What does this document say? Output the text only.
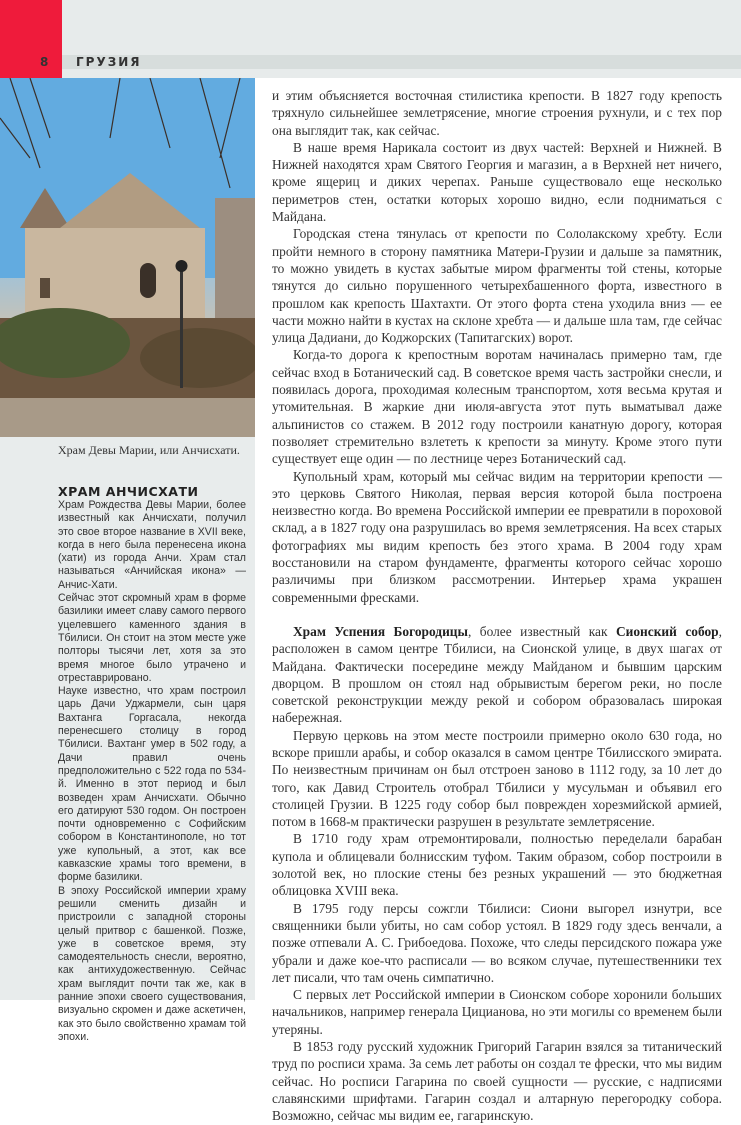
8 ГРУЗИЯ
Храм Девы Марии, или Анчисхати.
ХРАМ АНЧИСХАТИ

Храм Рождества Девы Марии, более известный как Анчисхати, получил это свое второе название в XVII веке, когда в него была перенесена икона (хати) из города Анчи. Храм стал называться «Анчийская икона» — Анчис-Хати.

Сейчас этот скромный храм в форме базилики имеет славу самого первого уцелевшего каменного здания в Тбилиси. Он стоит на этом месте уже полторы тысячи лет, хотя за это время многое было утрачено и отреставрировано.

Науке известно, что храм построил царь Дачи Уджармели, сын царя Вахтанга Горгасала, некогда перенесшего столицу в город Тбилиси. Вахтанг умер в 502 году, а Дачи правил очень предположительно с 522 года по 534-й. Именно в этот период и был возведен храм Анчисхати. Обычно его датируют 530 годом. Он построен почти одновременно с Софийским собором в Константинополе, но тот уже купольный, а этот, как все кавказские храмы того времени, в форме базилики.

В эпоху Российской империи храму решили сменить дизайн и пристроили с западной стороны целый притвор с башенкой. Позже, уже в советское время, эту самодеятельность снесли, вероятно, как антихудожественную. Сейчас храм выглядит почти так же, как в ранние эпохи своего существования, визуально скромен и даже аскетичен, как это было свойственно храмам той эпохи.

и этим объясняется восточная стилистика крепости. В 1827 году крепость тряхнуло сильнейшее землетрясение, многие строения рухнули, и с тех пор она выглядит так, как сейчас.

В наше время Нарикала состоит из двух частей: Верхней и Нижней. В Нижней находятся храм Святого Георгия и магазин, а в Верхней нет ничего, кроме ящериц и диких черепах. Раньше существовало еще несколько периметров стен, остатки которых хорошо видно, если подниматься с Майдана.

Городская стена тянулась от крепости по Сололакскому хребту. Если пройти немного в сторону памятника Матери-Грузии и дальше за памятник, то можно увидеть в кустах забытые миром фрагменты той стены, которые тянутся до сильно порушенного четырехбашенного форта, известного в прошлом как крепость Шахтахти. От этого форта стена уходила вниз — ее части можно найти в кустах на склоне хребта — и дальше шла там, где сейчас улица Дадиани, до Коджорских (Тапитагских) ворот.

Когда-то дорога к крепостным воротам начиналась примерно там, где сейчас вход в Ботанический сад. В советское время часть застройки снесли, и появилась дорога, проходимая колесным транспортом, хотя весьма крутая и утомительная. В жаркие дни июля-августа этот путь выматывал даже альпинистов со стажем. В 2012 году построили канатную дорогу, которая позволяет стремительно взлететь к крепости за минуту. Кроме этого пути существует еще один — по лестнице через Ботанический сад.

Купольный храм, который мы сейчас видим на территории крепости — это церковь Святого Николая, первая версия которой была построена неизвестно когда. Во времена Российской империи ее превратили в пороховой склад, а в 1827 году она разрушилась во время землетрясения. На всех старых фотографиях мы видим крепость без этого храма. В 2004 году храм восстановили на старом фундаменте, фрагменты которого сейчас хорошо различимы при близком рассмотрении. Интерьер храма украшен современными фресками.

Храм Успения Богородицы, более известный как Сионский собор, расположен в самом центре Тбилиси, на Сионской улице, в двух шагах от Майдана. Фактически посередине между Майданом и бывшим царским дворцом. В прошлом он стоял над обрывистым берегом реки, но после советской реконструкции между рекой и собором образовалась широкая набережная.

Первую церковь на этом месте построили примерно около 630 года, но вскоре пришли арабы, и собор оказался в самом центре Тбилисского эмирата. По неизвестным причинам он был отстроен заново в 1112 году, за 10 лет до того, как Давид Строитель отобрал Тбилиси у мусульман и объявил его столицей Грузии. В 1225 году собор был поврежден хорезмийской армией, потом в 1668-м практически разрушен в результате землетрясение.

В 1710 году храм отремонтировали, полностью переделали барабан купола и облицевали болнисским туфом. Таким образом, собор построили в золотой век, но плоские стены без резных украшений — это бюджетная облицовка XVIII века.

В 1795 году персы сожгли Тбилиси: Сиони выгорел изнутри, все священники были убиты, но сам собор устоял. В 1829 году здесь венчали, а позже отпевали А. С. Грибоедова. Похоже, что следы персидского пожара уже убрали и даже кое-что расписали — во всяком случае, путешественники тех лет писали, что там очень симпатично.

С первых лет Российской империи в Сионском соборе хоронили больших начальников, например генерала Цицианова, но эти могилы со временем были утеряны.

В 1853 году русский художник Григорий Гагарин взялся за титанический труд по росписи храма. За семь лет работы он создал те фрески, что мы видим сейчас. Но росписи Гагарина по своей сущности — русские, с надписями славянскими шрифтами. Гагарин создал и алтарную перегородку собора. Возможно, сейчас мы видим ее, гагаринскую.
